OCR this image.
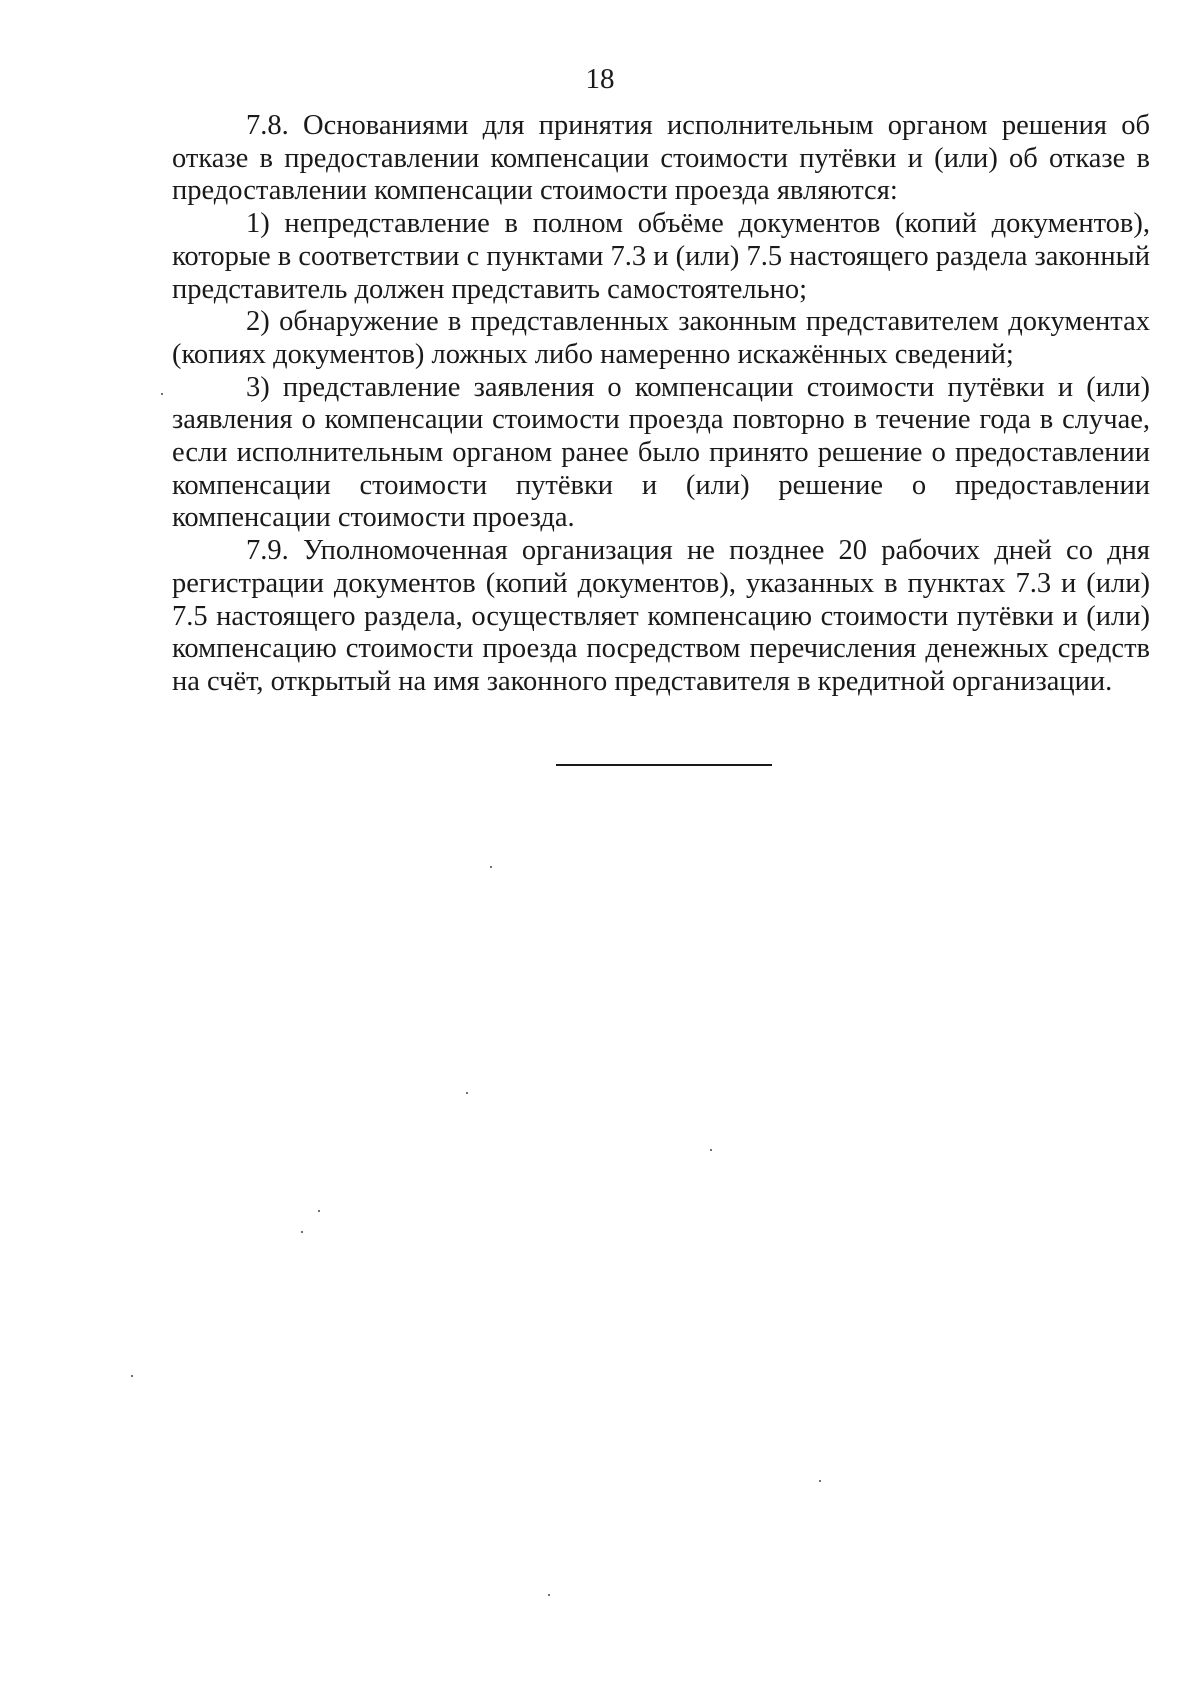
18

7.8. Основаниями для принятия исполнительным органом решения об отказе в предоставлении компенсации стоимости путёвки и (или) об отказе в предоставлении компенсации стоимости проезда являются:

1) непредставление в полном объёме документов (копий документов), которые в соответствии с пунктами 7.3 и (или) 7.5 настоящего раздела законный представитель должен представить самостоятельно;

2) обнаружение в представленных законным представителем документах (копиях документов) ложных либо намеренно искажённых сведений;

3) представление заявления о компенсации стоимости путёвки и (или) заявления о компенсации стоимости проезда повторно в течение года в случае, если исполнительным органом ранее было принято решение о предоставлении компенсации стоимости путёвки и (или) решение о предоставлении компенсации стоимости проезда.

7.9. Уполномоченная организация не позднее 20 рабочих дней со дня регистрации документов (копий документов), указанных в пунктах 7.3 и (или) 7.5 настоящего раздела, осуществляет компенсацию стоимости путёвки и (или) компенсацию стоимости проезда посредством перечисления денежных средств на счёт, открытый на имя законного представителя в кредитной организации.
